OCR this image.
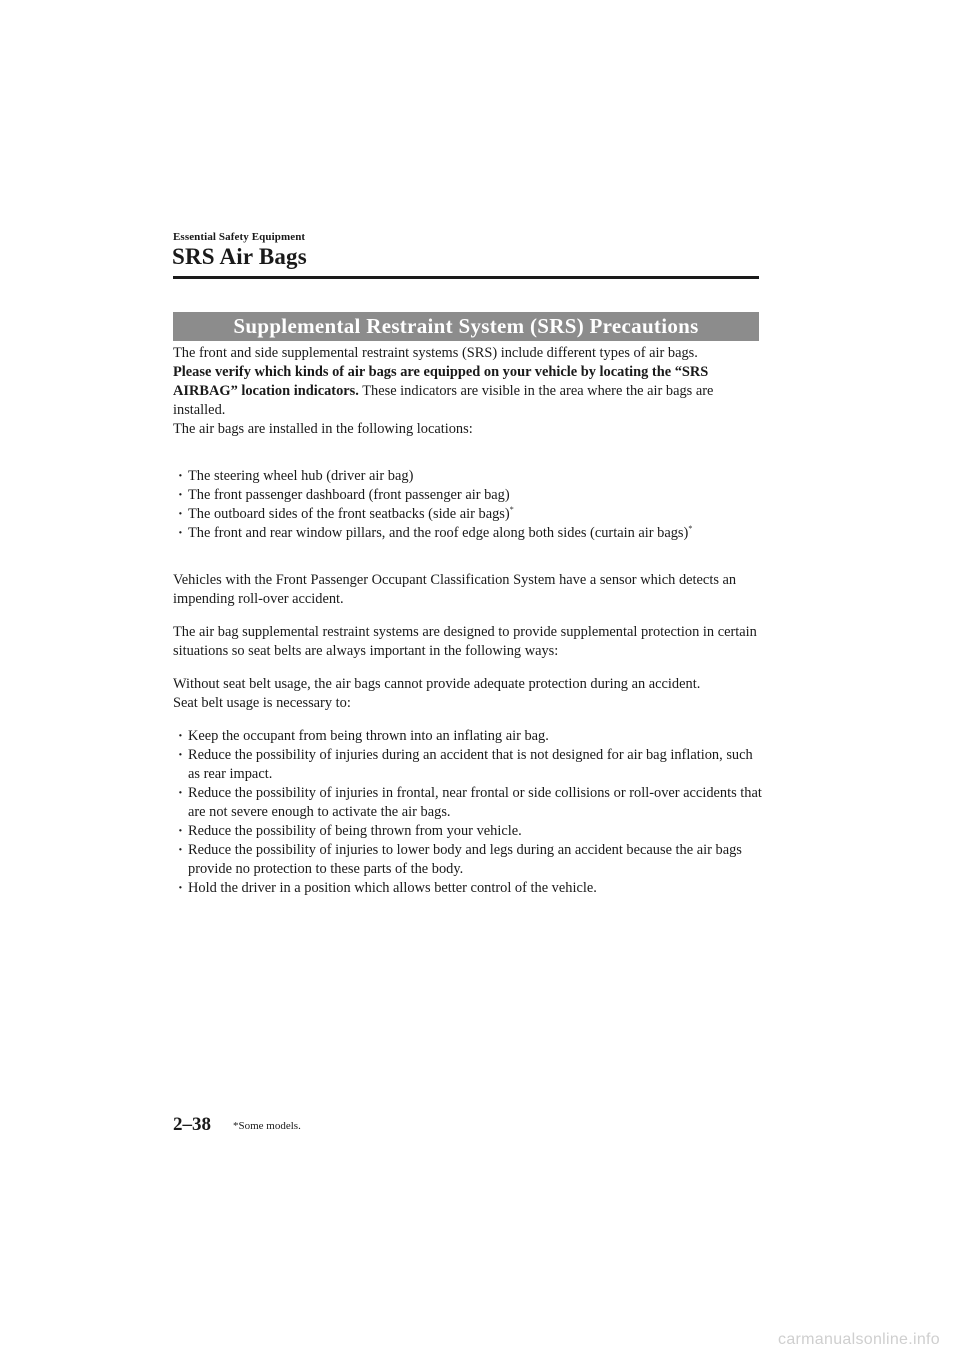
Essential Safety Equipment
SRS Air Bags
Supplemental Restraint System (SRS) Precautions

The front and side supplemental restraint systems (SRS) include different types of air bags.
Please verify which kinds of air bags are equipped on your vehicle by locating the “SRS AIRBAG” location indicators. These indicators are visible in the area where the air bags are installed.
The air bags are installed in the following locations:

· The steering wheel hub (driver air bag)
· The front passenger dashboard (front passenger air bag)
· The outboard sides of the front seatbacks (side air bags)*
· The front and rear window pillars, and the roof edge along both sides (curtain air bags)*

Vehicles with the Front Passenger Occupant Classification System have a sensor which detects an impending roll-over accident.

The air bag supplemental restraint systems are designed to provide supplemental protection in certain situations so seat belts are always important in the following ways:

Without seat belt usage, the air bags cannot provide adequate protection during an accident.
Seat belt usage is necessary to:

· Keep the occupant from being thrown into an inflating air bag.
· Reduce the possibility of injuries during an accident that is not designed for air bag inflation, such as rear impact.
· Reduce the possibility of injuries in frontal, near frontal or side collisions or roll-over accidents that are not severe enough to activate the air bags.
· Reduce the possibility of being thrown from your vehicle.
· Reduce the possibility of injuries to lower body and legs during an accident because the air bags provide no protection to these parts of the body.
· Hold the driver in a position which allows better control of the vehicle.
2–38 *Some models.
carmanualsonline.info
